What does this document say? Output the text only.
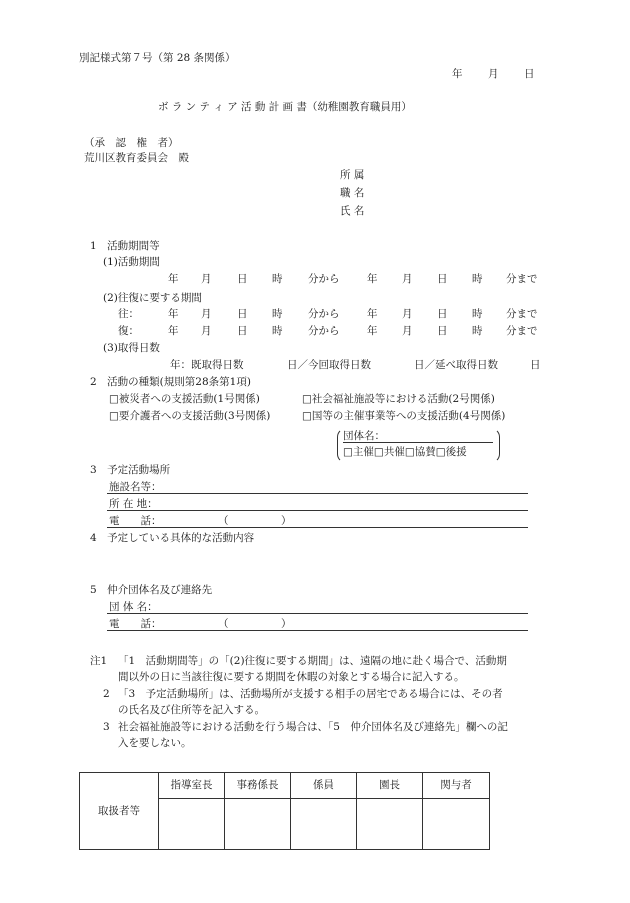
別記様式第７号（第 28 条関係）
年 月 日
ボ ラ ン テ ィ ア 活 動 計 画 書（幼稚園教育職員用）
（承　認　権　者）
荒川区教育委員会　殿
所 属
職 名
氏 名
1　活動期間等
(1)活動期間
年 月 日 時 分から	年 月 日 時 分まで
(2)往復に要する期間
往：	年 月 日 時 分から	年 月 日 時 分まで
復：	年 月 日 時 分から	年 月 日 時 分まで
(3)取得日数
年：既取得日数	日／今回取得日数	日／延べ取得日数	日
2　活動の種類(規則第28条第1項)
□被災者への支援活動(1号関係)	□社会福祉施設等における活動(2号関係)
□要介護者への支援活動(3号関係)	□国等の主催事業等への支援活動(4号関係)
団体名：
□主催□共催□協賛□後援
3　予定活動場所
施設名等：
所 在 地：
電　　話：	（　　　　　）
4　予定している具体的な活動内容
5　仲介団体名及び連絡先
団 体 名：
電　　話：	（　　　　　）
注1 「1　活動期間等」の「(2)往復に要する期間」は、遠隔の地に赴く場合で、活動期
間以外の日に当該往復に要する期間を休暇の対象とする場合に記入する。
2 「3　予定活動場所」は、活動場所が支援する相手の居宅である場合には、その者
の氏名及び住所等を記入する。
3 社会福祉施設等における活動を行う場合は、「5　仲介団体名及び連絡先」欄への記
入を要しない。
取扱者等	指導室長	事務係長	係員	園長	関与者
